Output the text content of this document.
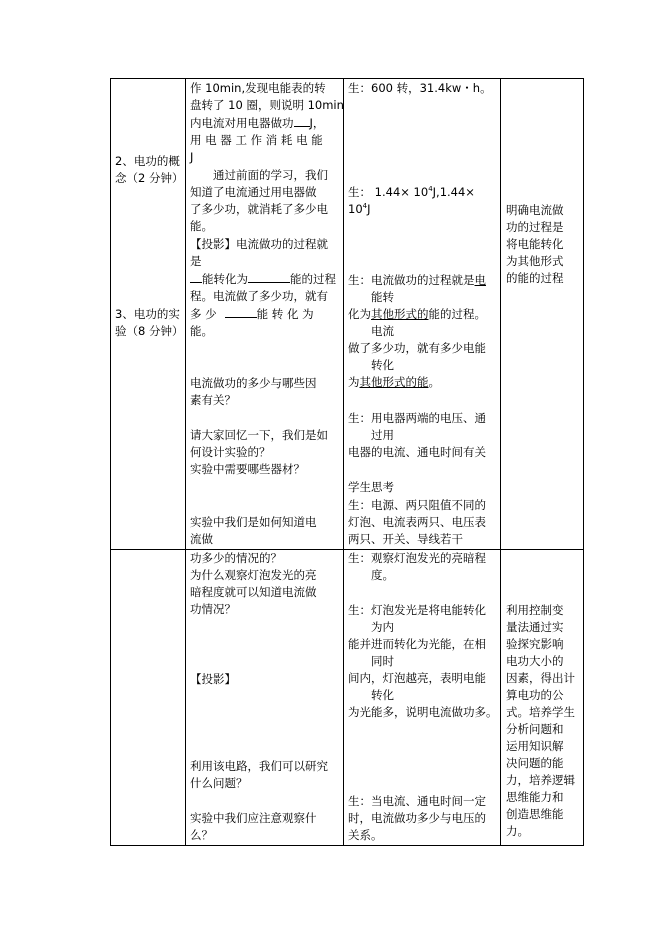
2、电功的概
念（2 分钟）
3、电功的实
验（8 分钟）
作 10min,发现电能表的转
盘转了 10 圈，则说明 10min
内电流对用电器做功 J，
用 电 器 工 作 消 耗 电 能
J
通过前面的学习，我们
知道了电流通过用电器做
了多少功，就消耗了多少电
能。
【投影】电流做功的过程就
是
能转化为	能的过程
程。电流做了多少功，就有
多 少	能 转 化 为
能。
电流做功的多少与哪些因
素有关？
请大家回忆一下，我们是如
何设计实验的？
实验中需要哪些器材？
实验中我们是如何知道电
流做
生：600 转，31.4kw・h。
生： $1.44\times 10^4J,1.44\times$
$10^4J$
生：电流做功的过程就是电
能转
化为其他形式的能的过程。
电流
做了多少功，就有多少电能
转化
为其他形式的能。
生：用电器两端的电压、通
过用
电器的电流、通电时间有关
学生思考
生：电源、两只阻值不同的
灯泡、电流表两只、电压表
两只、开关、导线若干
明确电流做
功的过程是
将电能转化
为其他形式
的能的过程
功多少的情况的？
为什么观察灯泡发光的亮
暗程度就可以知道电流做
功情况？
【投影】
利用该电路，我们可以研究
什么问题？
实验中我们应注意观察什
么？
生：观察灯泡发光的亮暗程
度。
生：灯泡发光是将电能转化
为内
能并进而转化为光能，在相
同时
间内，灯泡越亮，表明电能
转化
为光能多，说明电流做功多。
生：当电流、通电时间一定
时，电流做功多少与电压的
关系。
利用控制变
量法通过实
验探究影响
电功大小的
因素，得出计
算电功的公
式。培养学生
分析问题和
运用知识解
决问题的能
力，培养逻辑
思维能力和
创造思维能
力。
